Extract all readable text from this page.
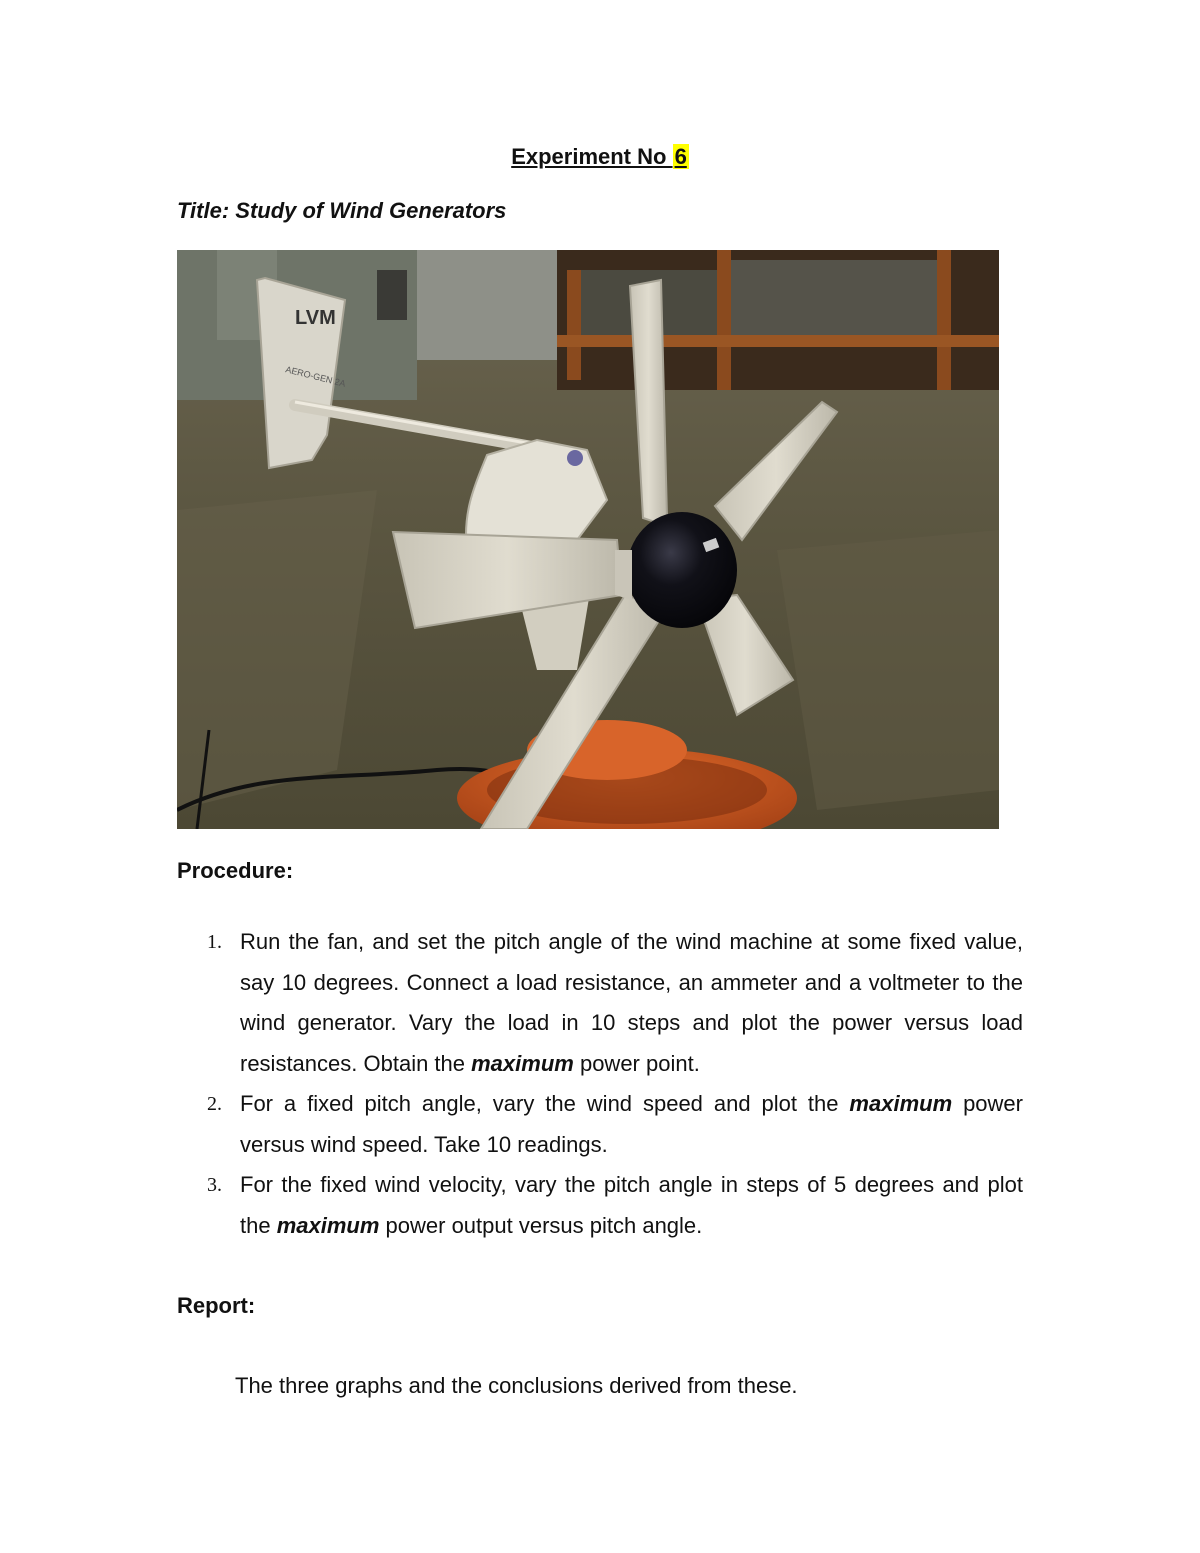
Experiment No 6
Title: Study of Wind Generators
LVM
AERO-GEN 2A
Procedure:
1. Run the fan, and set the pitch angle of the wind machine at some fixed value, say 10 degrees. Connect a load resistance, an ammeter and a voltmeter to the wind generator. Vary the load in 10 steps and plot the power versus load resistances. Obtain the maximum power point.
2. For a fixed pitch angle, vary the wind speed and plot the maximum power versus wind speed. Take 10 readings.
3. For the fixed wind velocity, vary the pitch angle in steps of 5 degrees and plot the maximum power output versus pitch angle.
Report:
The three graphs and the conclusions derived from these.
